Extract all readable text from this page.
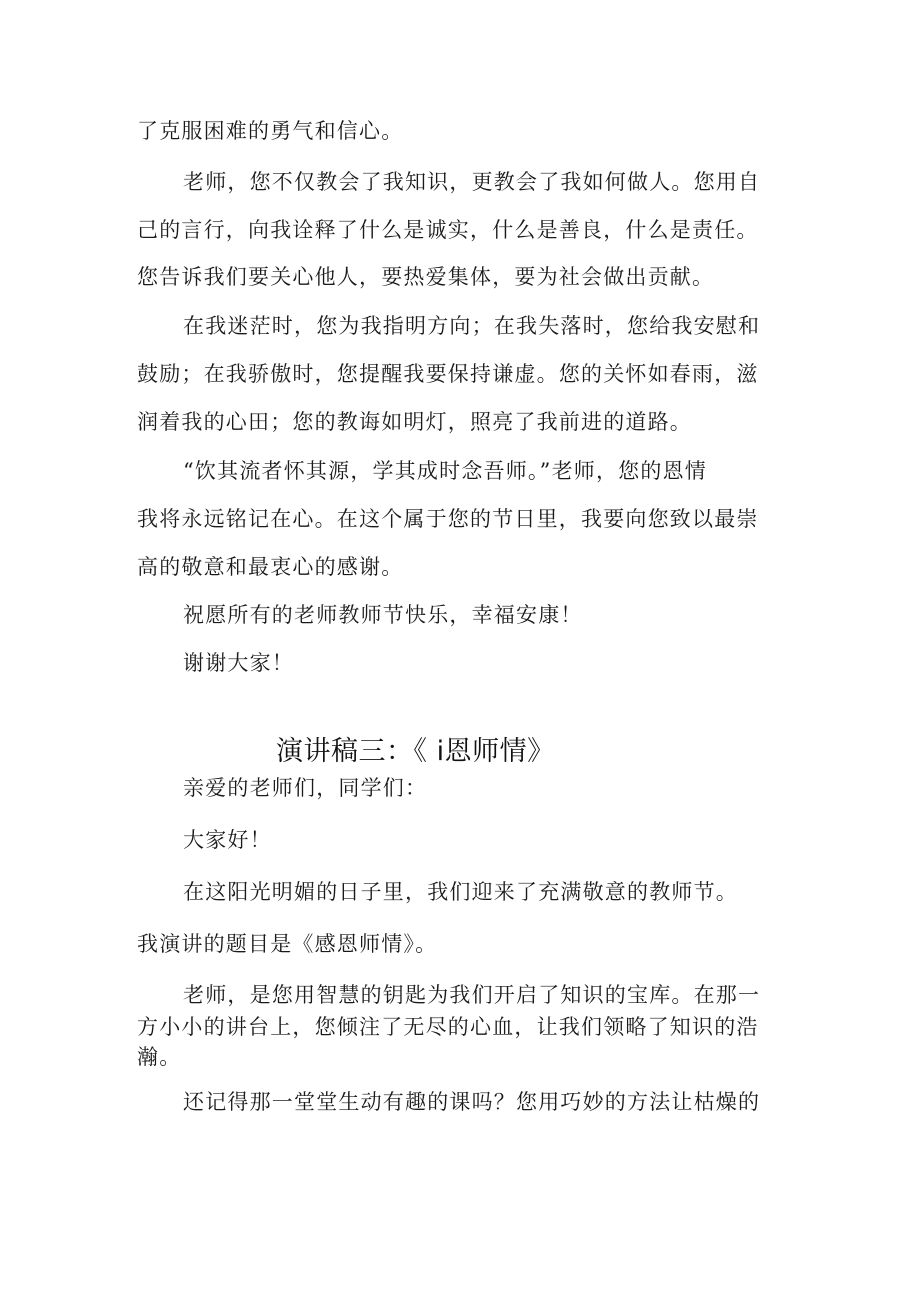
了克服困难的勇气和信心。
老师，您不仅教会了我知识，更教会了我如何做人。您用自
己的言行，向我诠释了什么是诚实，什么是善良，什么是责任。
您告诉我们要关心他人，要热爱集体，要为社会做出贡献。
在我迷茫时，您为我指明方向；在我失落时，您给我安慰和
鼓励；在我骄傲时，您提醒我要保持谦虚。您的关怀如春雨，滋
润着我的心田；您的教诲如明灯，照亮了我前进的道路。
“饮其流者怀其源，学其成时念吾师。”老师，您的恩情
我将永远铭记在心。在这个属于您的节日里，我要向您致以最崇
高的敬意和最衷心的感谢。
祝愿所有的老师教师节快乐，幸福安康！
谢谢大家！
演讲稿三：《 i恩师情》
亲爱的老师们，同学们：
大家好！
在这阳光明媚的日子里，我们迎来了充满敬意的教师节。
我演讲的题目是《感恩师情》。
老师，是您用智慧的钥匙为我们开启了知识的宝库。在那一
方小小的讲台上，您倾注了无尽的心血，让我们领略了知识的浩
瀚。
还记得那一堂堂生动有趣的课吗？您用巧妙的方法让枯燥的
